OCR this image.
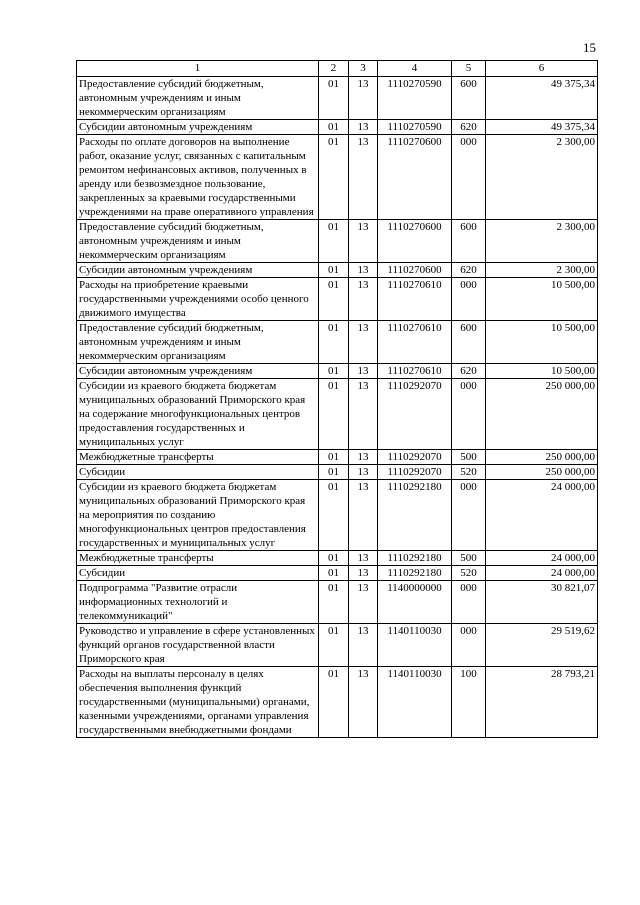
15
1	2	3	4	5	6
Предоставление субсидий бюджетным, автономным учреждениям и иным некоммерческим организациям	01	13	1110270590	600	49 375,34
Субсидии автономным учреждениям	01	13	1110270590	620	49 375,34
Расходы по оплате договоров на выполнение работ, оказание услуг, связанных с капитальным ремонтом нефинансовых активов, полученных в аренду или безвозмездное пользование, закрепленных за краевыми государственными учреждениями на праве оперативного управления	01	13	1110270600	000	2 300,00
Предоставление субсидий бюджетным, автономным учреждениям и иным некоммерческим организациям	01	13	1110270600	600	2 300,00
Субсидии автономным учреждениям	01	13	1110270600	620	2 300,00
Расходы на приобретение краевыми государственными учреждениями особо ценного движимого имущества	01	13	1110270610	000	10 500,00
Предоставление субсидий бюджетным, автономным учреждениям и иным некоммерческим организациям	01	13	1110270610	600	10 500,00
Субсидии автономным учреждениям	01	13	1110270610	620	10 500,00
Субсидии из краевого бюджета бюджетам муниципальных образований Приморского края на содержание многофункциональных центров предоставления государственных и муниципальных услуг	01	13	1110292070	000	250 000,00
Межбюджетные трансферты	01	13	1110292070	500	250 000,00
Субсидии	01	13	1110292070	520	250 000,00
Субсидии из краевого бюджета бюджетам муниципальных образований Приморского края на мероприятия по созданию многофункциональных центров предоставления государственных и муниципальных услуг	01	13	1110292180	000	24 000,00
Межбюджетные трансферты	01	13	1110292180	500	24 000,00
Субсидии	01	13	1110292180	520	24 000,00
Подпрограмма "Развитие отрасли информационных технологий и телекоммуникаций"	01	13	1140000000	000	30 821,07
Руководство и управление в сфере установленных функций органов государственной власти Приморского края	01	13	1140110030	000	29 519,62
Расходы на выплаты персоналу в целях обеспечения выполнения функций государственными (муниципальными) органами, казенными учреждениями, органами управления государственными внебюджетными фондами	01	13	1140110030	100	28 793,21
